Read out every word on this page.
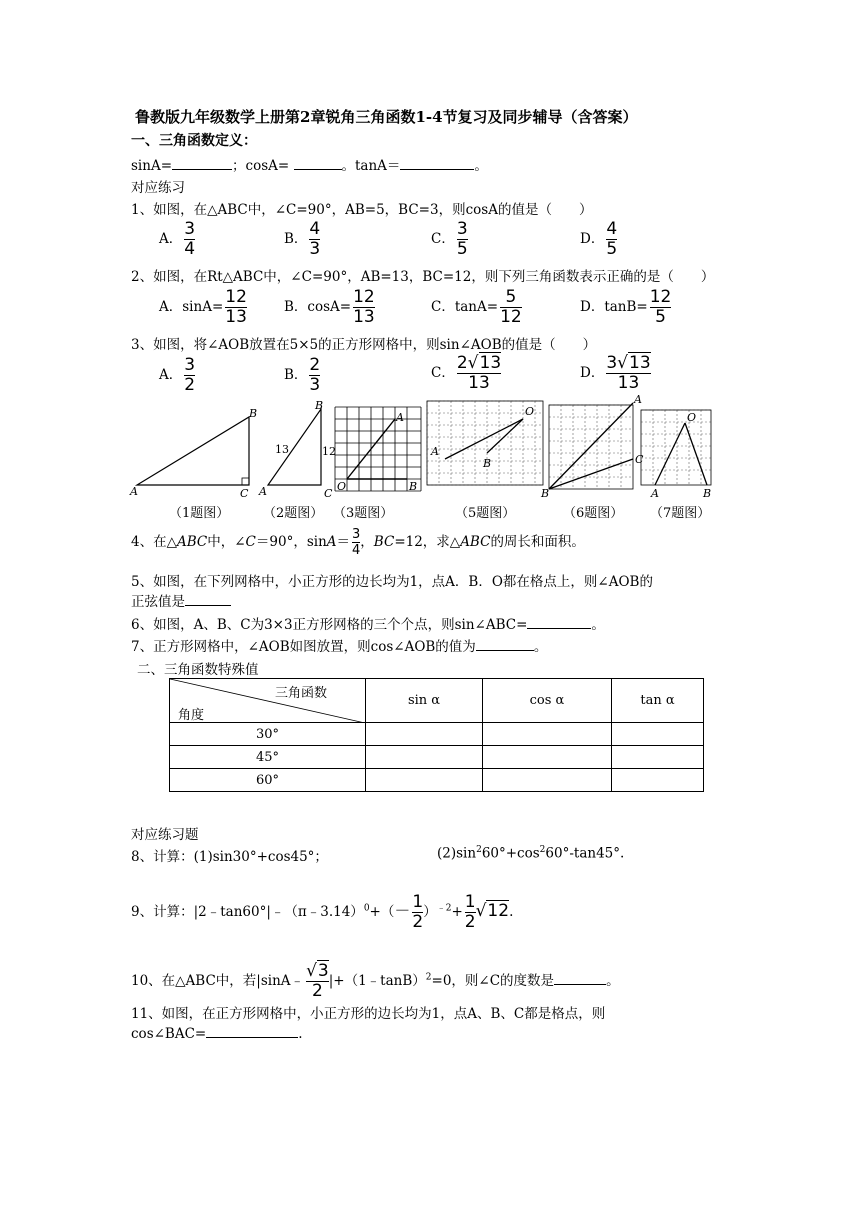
鲁教版九年级数学上册第2章锐角三角函数1-4节复习及同步辅导（含答案）
一、三角函数定义：
sinA=	；cosA=	。tanA＝	。
对应练习
1、如图，在△ABC中，∠C=90°，AB=5，BC=3，则cosA的值是（　　）
A． $\frac{3}{4}$	B． $\frac{4}{3}$	C． $\frac{3}{5}$	D． $\frac{4}{5}$
2、如图，在Rt△ABC中，∠C=90°，AB=13，BC=12，则下列三角函数表示正确的是（　　）
A．$\sin A= \frac{12}{13}$	B．$\cos A= \frac{12}{13}$	C．$\tan A= \frac{5}{12}$	D．$\tan B= \frac{12}{5}$
3、如图，将∠AOB放置在5×5的正方形网格中，则sin∠AOB的值是（　　）
A． $\frac{3}{2}$	B． $\frac{2}{3}$	C． $\frac{2√13}{13}$	D． $\frac{3√13}{13}$
A
B
C A
B
C
13	12
A
O	B
A
O
B
A
B
C
O
A	B
（1题图）	（2题图） （3题图）	（5题图）	（6题图） （7题图）
4、在△ABC中，∠C＝90°，$\sin A= \frac{3}{4}$ ，BC=12，求△ABC的周长和面积。
5、如图，在下列网格中，小正方形的边长均为1，点A．B．O都在格点上，则∠AOB的
正弦值是
6、如图，A、B、C为3×3正方形网格的三个个点，则sin∠ABC=	。
7、正方形网格中，∠AOB如图放置，则cos∠AOB的值为	。
二、三角函数特殊值
三角函数
角度	sin α	cos α	tan α
30°			
45°			
60°			
对应练习题
8、计算：(1)sin30°+cos45°；	$(2)\sin^260^\circ+\cos^260^\circ-\tan 45^\circ$.
9、计算：|2﹣tan60°|﹣（π﹣3.14）$^0$+（－ $\frac{1}{2} )^{﹣2}+ \frac{1}{2} √12$.
10、在△ABC中，若|sinA﹣ $\frac{√3}{2}$ |+（1﹣tanB）$^2$=0，则∠C的度数是	。
11、如图，在正方形网格中，小正方形的边长均为1，点A、B、C都是格点，则
cos∠BAC=	.
